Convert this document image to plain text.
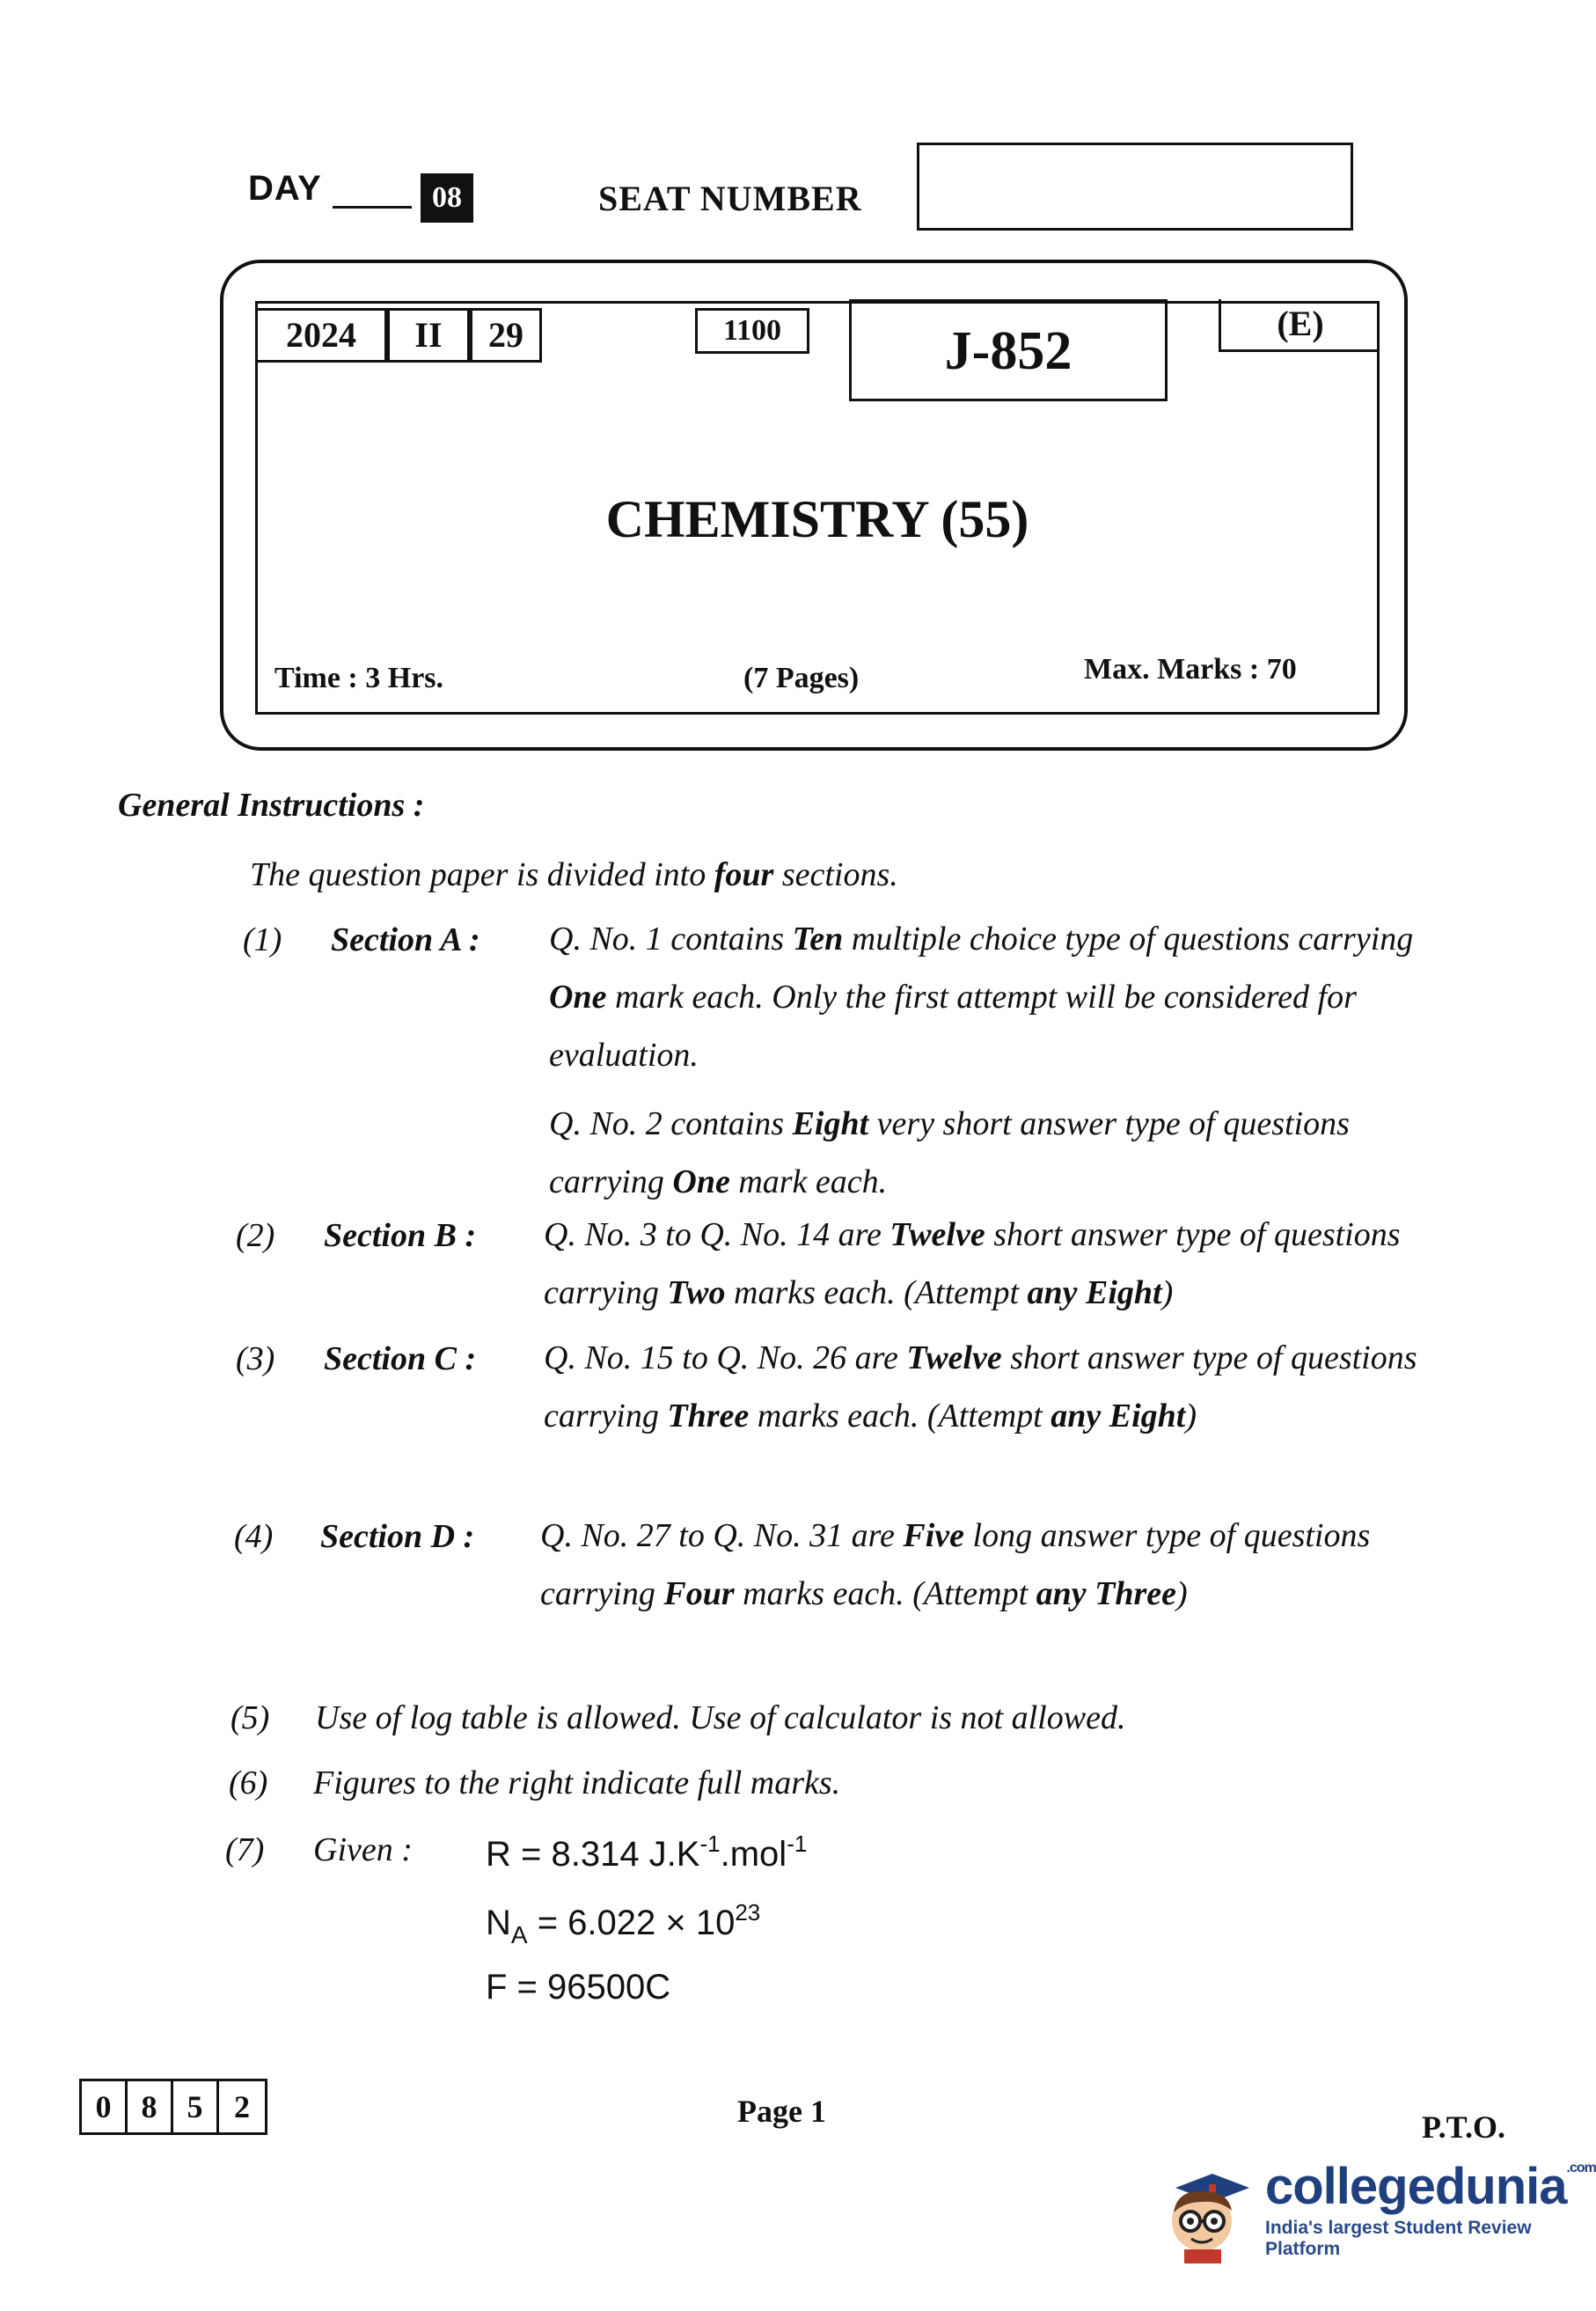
DAY	08	SEAT NUMBER
2024	II	29	1100	J-852	(E)
CHEMISTRY (55)
Time : 3 Hrs.	(7 Pages)	Max. Marks : 70
General Instructions :
The question paper is divided into four sections.
(1) Section A : Q. No. 1 contains Ten multiple choice type of questions carrying One mark each. Only the first attempt will be considered for evaluation.
Q. No. 2 contains Eight very short answer type of questions carrying One mark each.
(2) Section B : Q. No. 3 to Q. No. 14 are Twelve short answer type of questions carrying Two marks each. (Attempt any Eight)
(3) Section C : Q. No. 15 to Q. No. 26 are Twelve short answer type of questions carrying Three marks each. (Attempt any Eight)
(4) Section D : Q. No. 27 to Q. No. 31 are Five long answer type of questions carrying Four marks each. (Attempt any Three)
(5) Use of log table is allowed. Use of calculator is not allowed.
(6) Figures to the right indicate full marks.
(7) Given : R = 8.314 $J.K^{-1}.mol^{-1}$
$N_A = 6.022 \times 10^{23}$
F = 96500C
0 8 5 2	Page 1	P.T.O.
collegedunia$^{.com}$
India's largest Student Review Platform
